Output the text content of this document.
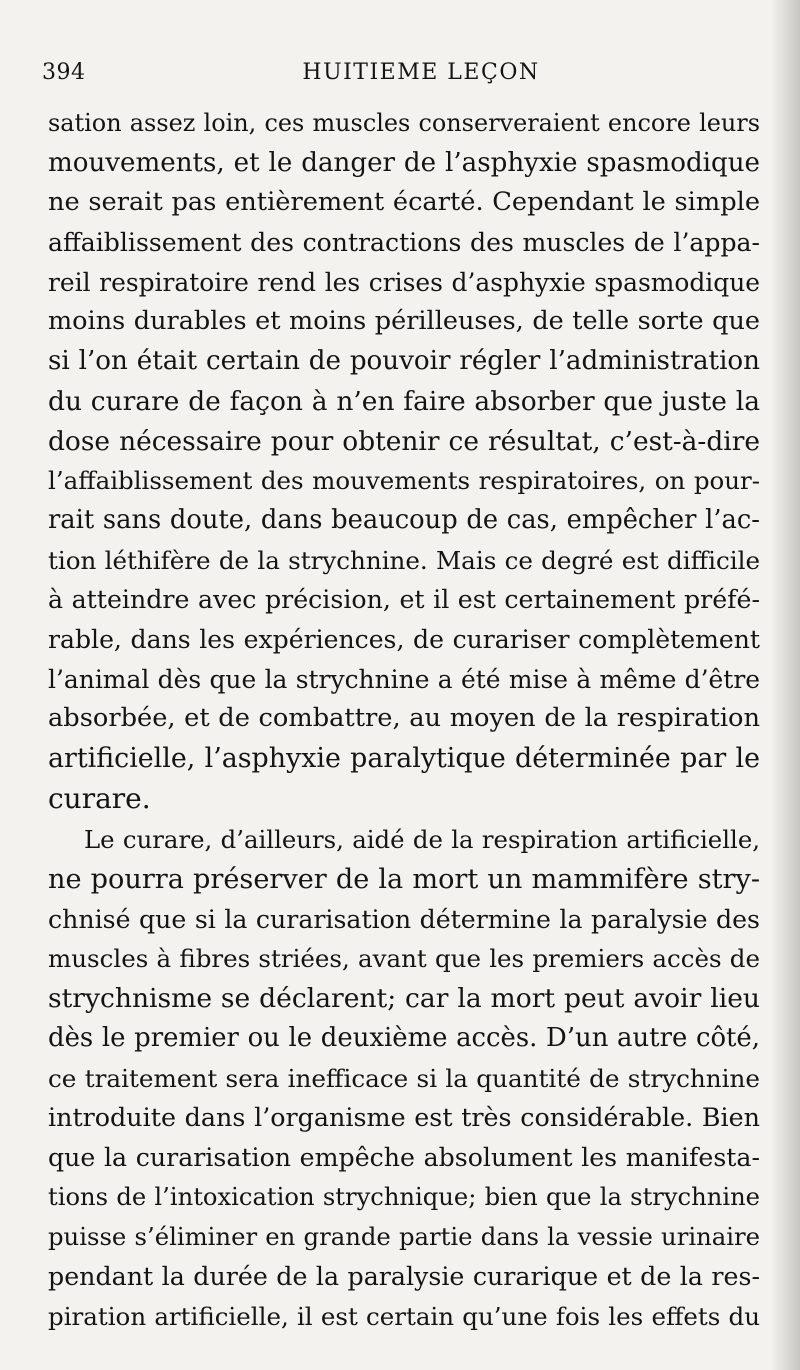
394	HUITIEME LEÇON
sation assez loin, ces muscles conserveraient encore leurs
mouvements, et le danger de l’asphyxie spasmodique
ne serait pas entièrement écarté. Cependant le simple
affaiblissement des contractions des muscles de l’appa-
reil respiratoire rend les crises d’asphyxie spasmodique
moins durables et moins périlleuses, de telle sorte que
si l’on était certain de pouvoir régler l’administration
du curare de façon à n’en faire absorber que juste la
dose nécessaire pour obtenir ce résultat, c’est-à-dire
l’affaiblissement des mouvements respiratoires, on pour-
rait sans doute, dans beaucoup de cas, empêcher l’ac-
tion léthifère de la strychnine. Mais ce degré est difficile
à atteindre avec précision, et il est certainement préfé-
rable, dans les expériences, de curariser complètement
l’animal dès que la strychnine a été mise à même d’être
absorbée, et de combattre, au moyen de la respiration
artificielle, l’asphyxie paralytique déterminée par le
curare.
Le curare, d’ailleurs, aidé de la respiration artificielle,
ne pourra préserver de la mort un mammifère stry-
chnisé que si la curarisation détermine la paralysie des
muscles à fibres striées, avant que les premiers accès de
strychnisme se déclarent; car la mort peut avoir lieu
dès le premier ou le deuxième accès. D’un autre côté,
ce traitement sera inefficace si la quantité de strychnine
introduite dans l’organisme est très considérable. Bien
que la curarisation empêche absolument les manifesta-
tions de l’intoxication strychnique; bien que la strychnine
puisse s’éliminer en grande partie dans la vessie urinaire
pendant la durée de la paralysie curarique et de la res-
piration artificielle, il est certain qu’une fois les effets du
